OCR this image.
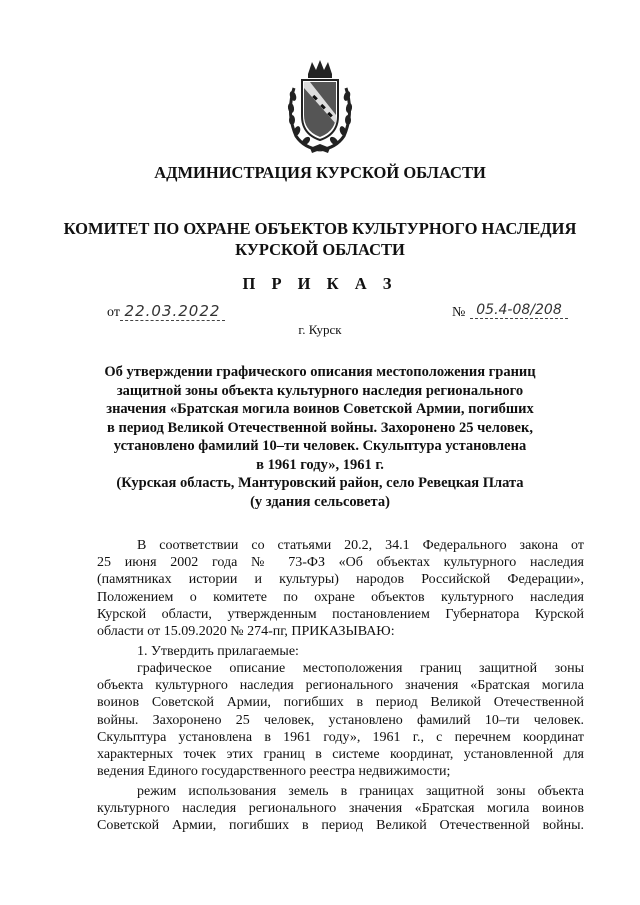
АДМИНИСТРАЦИЯ КУРСКОЙ ОБЛАСТИ
КОМИТЕТ ПО ОХРАНЕ ОБЪЕКТОВ КУЛЬТУРНОГО НАСЛЕДИЯ
КУРСКОЙ ОБЛАСТИ
П Р И К А З
от 22.03.2022	№ 05.4-08/208
г. Курск
Об утверждении графического описания местоположения границ
защитной зоны объекта культурного наследия регионального
значения «Братская могила воинов Советской Армии, погибших
в период Великой Отечественной войны. Захоронено 25 человек,
установлено фамилий 10–ти человек. Скульптура установлена
в 1961 году», 1961 г.
(Курская область, Мантуровский район, село Ревецкая Плата
(у здания сельсовета)
В соответствии со статьями 20.2, 34.1 Федерального закона от
25 июня 2002 года № 73-ФЗ «Об объектах культурного наследия
(памятниках истории и культуры) народов Российской Федерации»,
Положением о комитете по охране объектов культурного наследия
Курской области, утвержденным постановлением Губернатора Курской
области от 15.09.2020 № 274-пг, ПРИКАЗЫВАЮ:
1. Утвердить прилагаемые:
графическое описание местоположения границ защитной зоны
объекта культурного наследия регионального значения «Братская могила
воинов Советской Армии, погибших в период Великой Отечественной
войны. Захоронено 25 человек, установлено фамилий 10–ти человек.
Скульптура установлена в 1961 году», 1961 г., с перечнем координат
характерных точек этих границ в системе координат, установленной для
ведения Единого государственного реестра недвижимости;
режим использования земель в границах защитной зоны объекта
культурного наследия регионального значения «Братская могила воинов
Советской Армии, погибших в период Великой Отечественной войны.
